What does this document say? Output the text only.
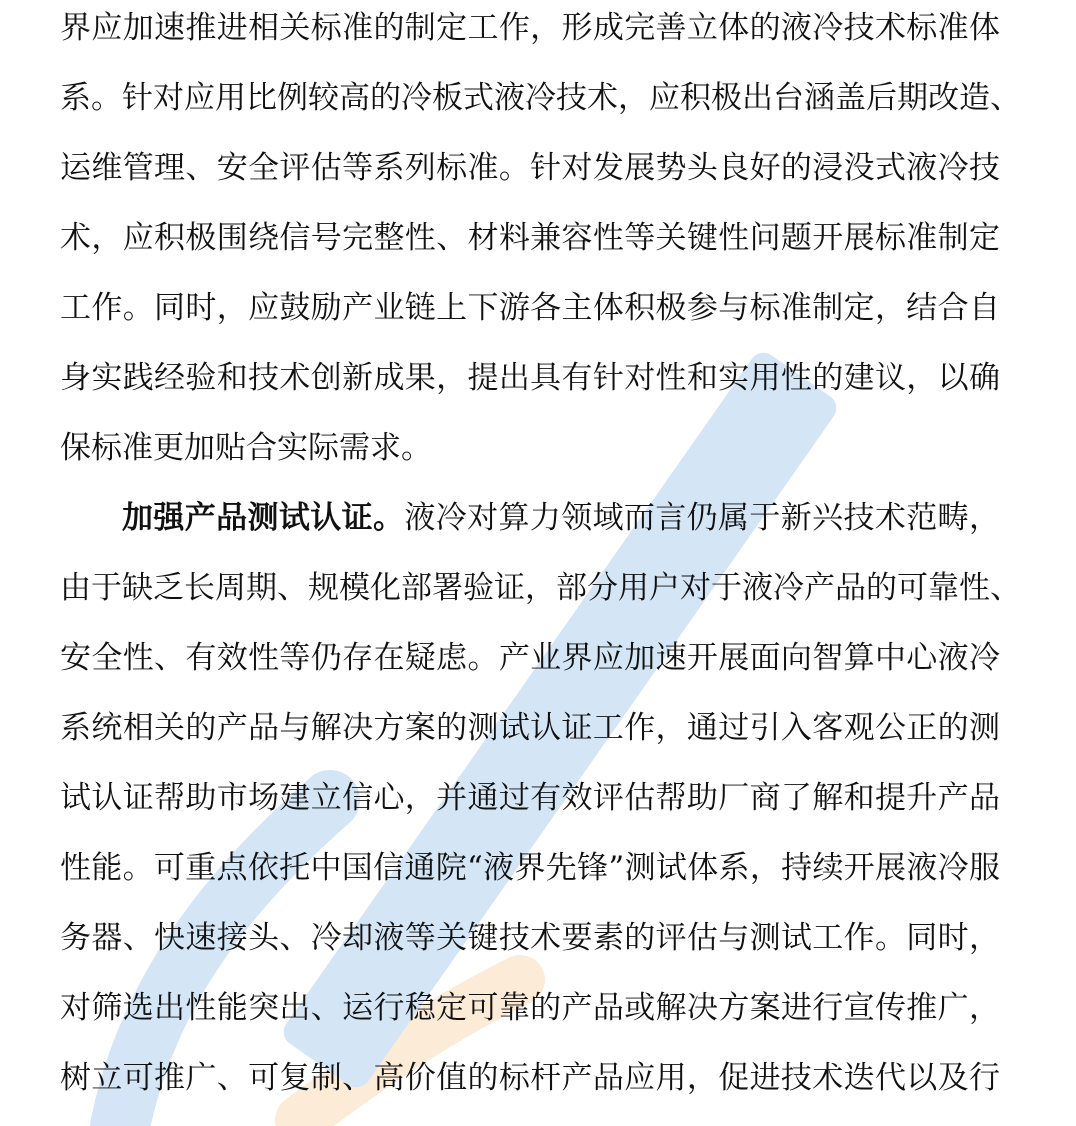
界应加速推进相关标准的制定工作，形成完善立体的液冷技术标准体
系。针对应用比例较高的冷板式液冷技术，应积极出台涵盖后期改造、
运维管理、安全评估等系列标准。针对发展势头良好的浸没式液冷技
术，应积极围绕信号完整性、材料兼容性等关键性问题开展标准制定
工作。同时，应鼓励产业链上下游各主体积极参与标准制定，结合自
身实践经验和技术创新成果，提出具有针对性和实用性的建议，以确
保标准更加贴合实际需求。
加强产品测试认证。液冷对算力领域而言仍属于新兴技术范畴，
由于缺乏长周期、规模化部署验证，部分用户对于液冷产品的可靠性、
安全性、有效性等仍存在疑虑。产业界应加速开展面向智算中心液冷
系统相关的产品与解决方案的测试认证工作，通过引入客观公正的测
试认证帮助市场建立信心，并通过有效评估帮助厂商了解和提升产品
性能。可重点依托中国信通院“液界先锋”测试体系，持续开展液冷服
务器、快速接头、冷却液等关键技术要素的评估与测试工作。同时，
对筛选出性能突出、运行稳定可靠的产品或解决方案进行宣传推广，
树立可推广、可复制、高价值的标杆产品应用，促进技术迭代以及行
